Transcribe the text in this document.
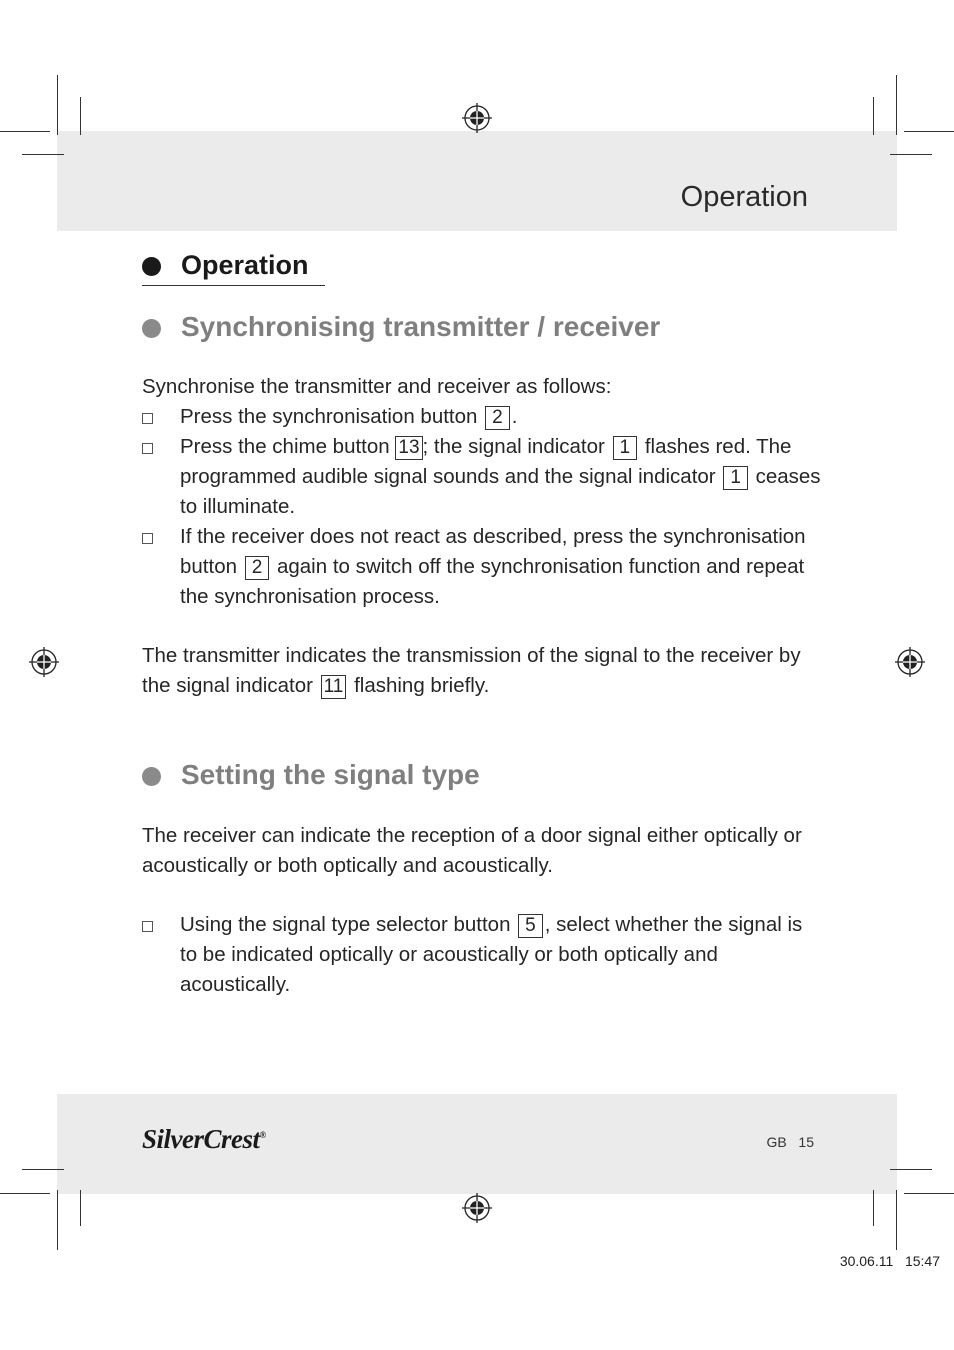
Operation
Operation
Synchronising transmitter / receiver
Synchronise the transmitter and receiver as follows:
Press the synchronisation button 2 .
Press the chime button 13 ; the signal indicator 1 flashes red. The programmed audible signal sounds and the signal indicator 1 ceases to illuminate.
If the receiver does not react as described, press the synchronisation button 2 again to switch off the synchronisation function and repeat the synchronisation process.
The transmitter indicates the transmission of the signal to the receiver by the signal indicator 11 flashing briefly.
Setting the signal type
The receiver can indicate the reception of a door signal either optically or acoustically or both optically and acoustically.
Using the signal type selector button 5 , select whether the signal is to be indicated optically or acoustically or both optically and acoustically.
SilverCrest®	GB 15
30.06.11 15:47
